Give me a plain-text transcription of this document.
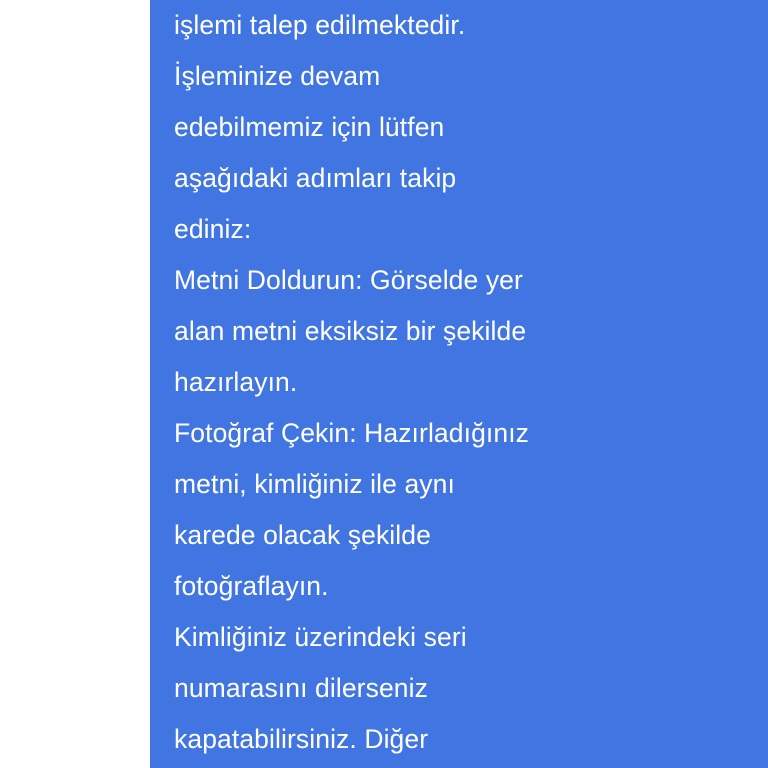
işlemi talep edilmektedir.
İşleminize devam
edebilmemiz için lütfen
aşağıdaki adımları takip
ediniz:
Metni Doldurun: Görselde yer
alan metni eksiksiz bir şekilde
hazırlayın.
Fotoğraf Çekin: Hazırladığınız
metni, kimliğiniz ile aynı
karede olacak şekilde
fotoğraflayın.
Kimliğiniz üzerindeki seri
numarasını dilerseniz
kapatabilirsiniz. Diğer
